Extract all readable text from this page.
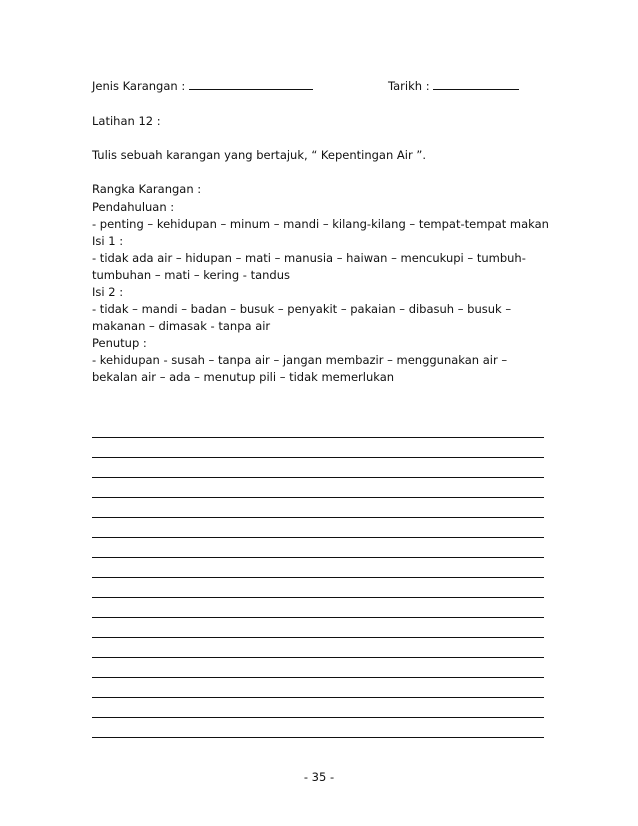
Jenis Karangan :	Tarikh :
Latihan 12 :
Tulis sebuah karangan yang bertajuk, “ Kepentingan Air ”.
Rangka Karangan :
Pendahuluan :
- penting – kehidupan – minum – mandi – kilang-kilang – tempat-tempat makan
Isi 1 :
- tidak ada air – hidupan – mati – manusia – haiwan – mencukupi – tumbuh-
tumbuhan – mati – kering - tandus
Isi 2 :
- tidak – mandi – badan – busuk – penyakit – pakaian – dibasuh – busuk –
makanan – dimasak - tanpa air
Penutup :
- kehidupan - susah – tanpa air – jangan membazir – menggunakan air –
bekalan air – ada – menutup pili – tidak memerlukan
- 35 -
